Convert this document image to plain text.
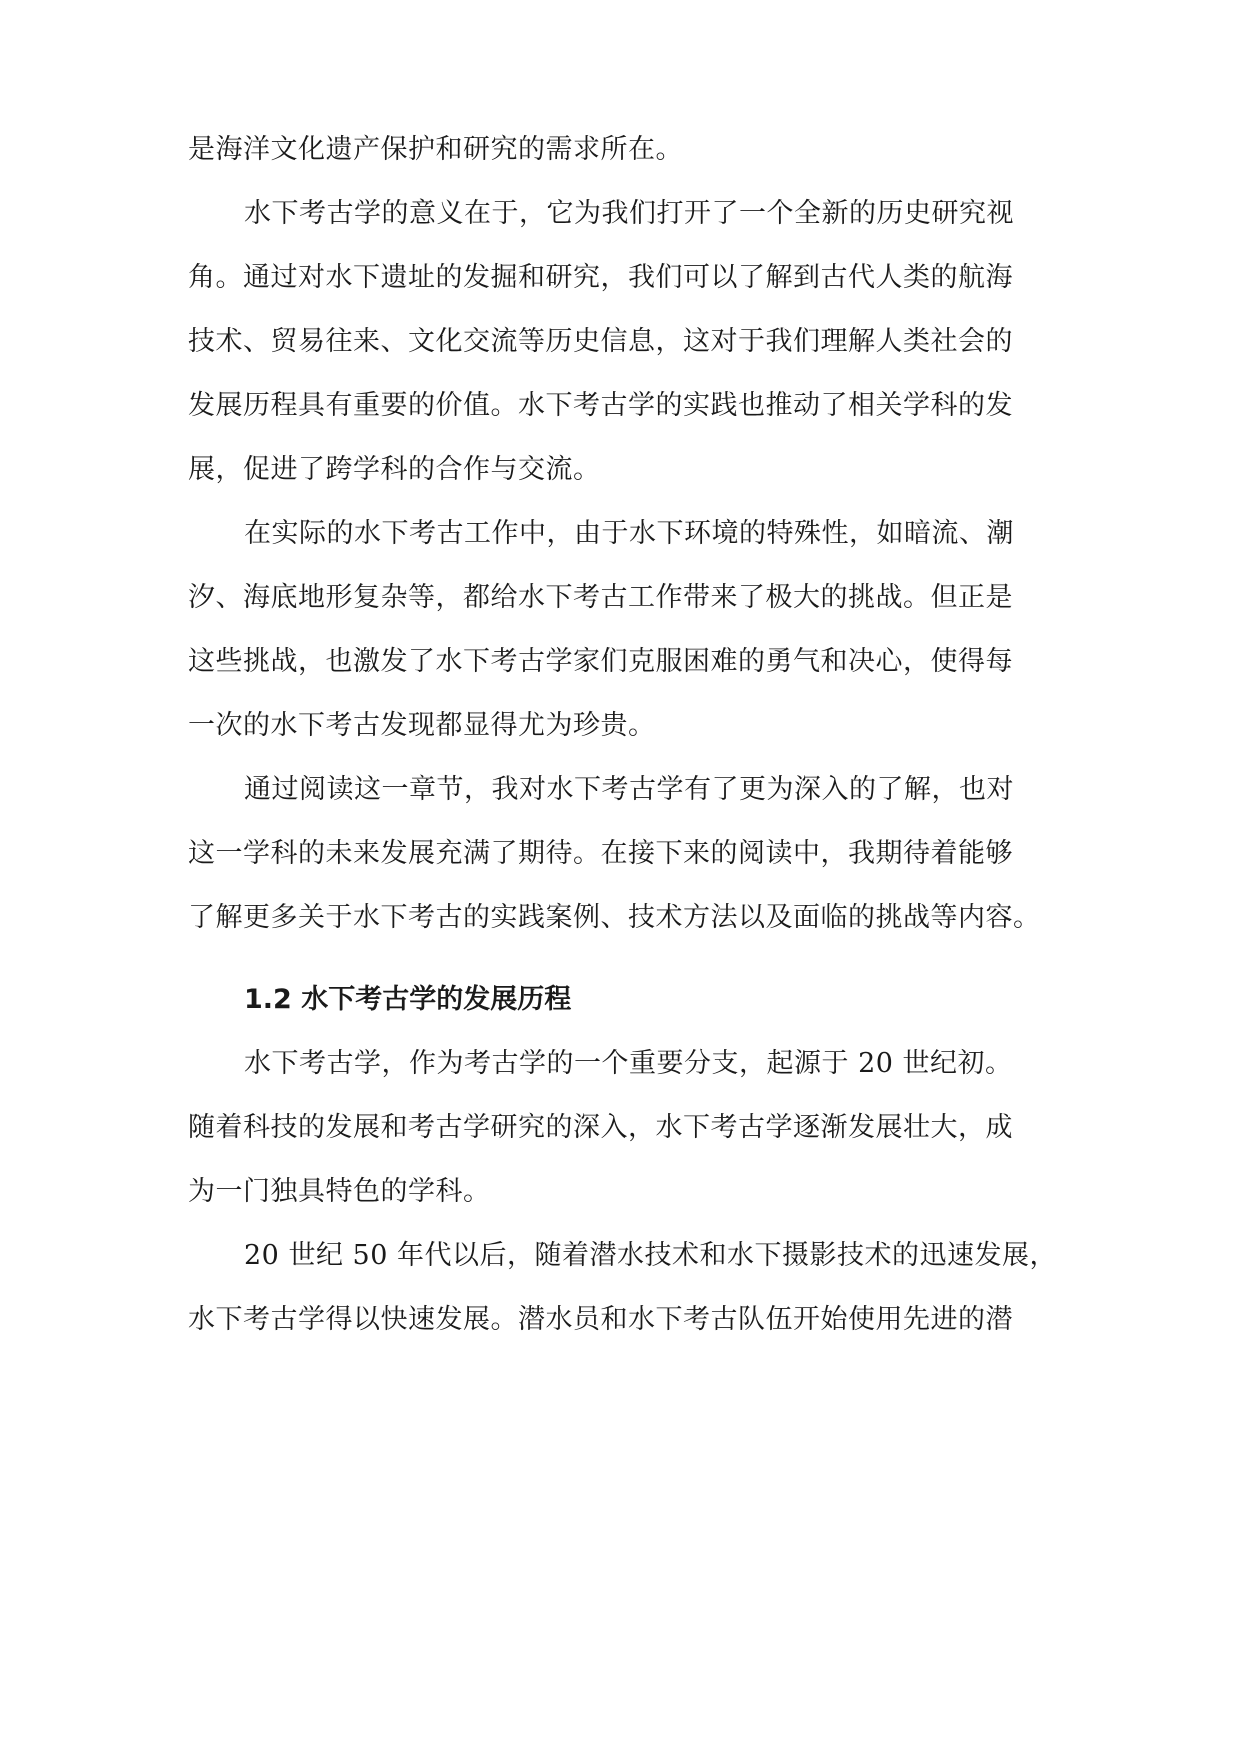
是海洋文化遗产保护和研究的需求所在。
水下考古学的意义在于，它为我们打开了一个全新的历史研究视
角。通过对水下遗址的发掘和研究，我们可以了解到古代人类的航海
技术、贸易往来、文化交流等历史信息，这对于我们理解人类社会的
发展历程具有重要的价值。水下考古学的实践也推动了相关学科的发
展，促进了跨学科的合作与交流。
在实际的水下考古工作中，由于水下环境的特殊性，如暗流、潮
汐、海底地形复杂等，都给水下考古工作带来了极大的挑战。但正是
这些挑战，也激发了水下考古学家们克服困难的勇气和决心，使得每
一次的水下考古发现都显得尤为珍贵。
通过阅读这一章节，我对水下考古学有了更为深入的了解，也对
这一学科的未来发展充满了期待。在接下来的阅读中，我期待着能够
了解更多关于水下考古的实践案例、技术方法以及面临的挑战等内容。
1.2 水下考古学的发展历程
水下考古学，作为考古学的一个重要分支，起源于 20 世纪初。
随着科技的发展和考古学研究的深入，水下考古学逐渐发展壮大，成
为一门独具特色的学科。
20 世纪 50 年代以后，随着潜水技术和水下摄影技术的迅速发展，
水下考古学得以快速发展。潜水员和水下考古队伍开始使用先进的潜
